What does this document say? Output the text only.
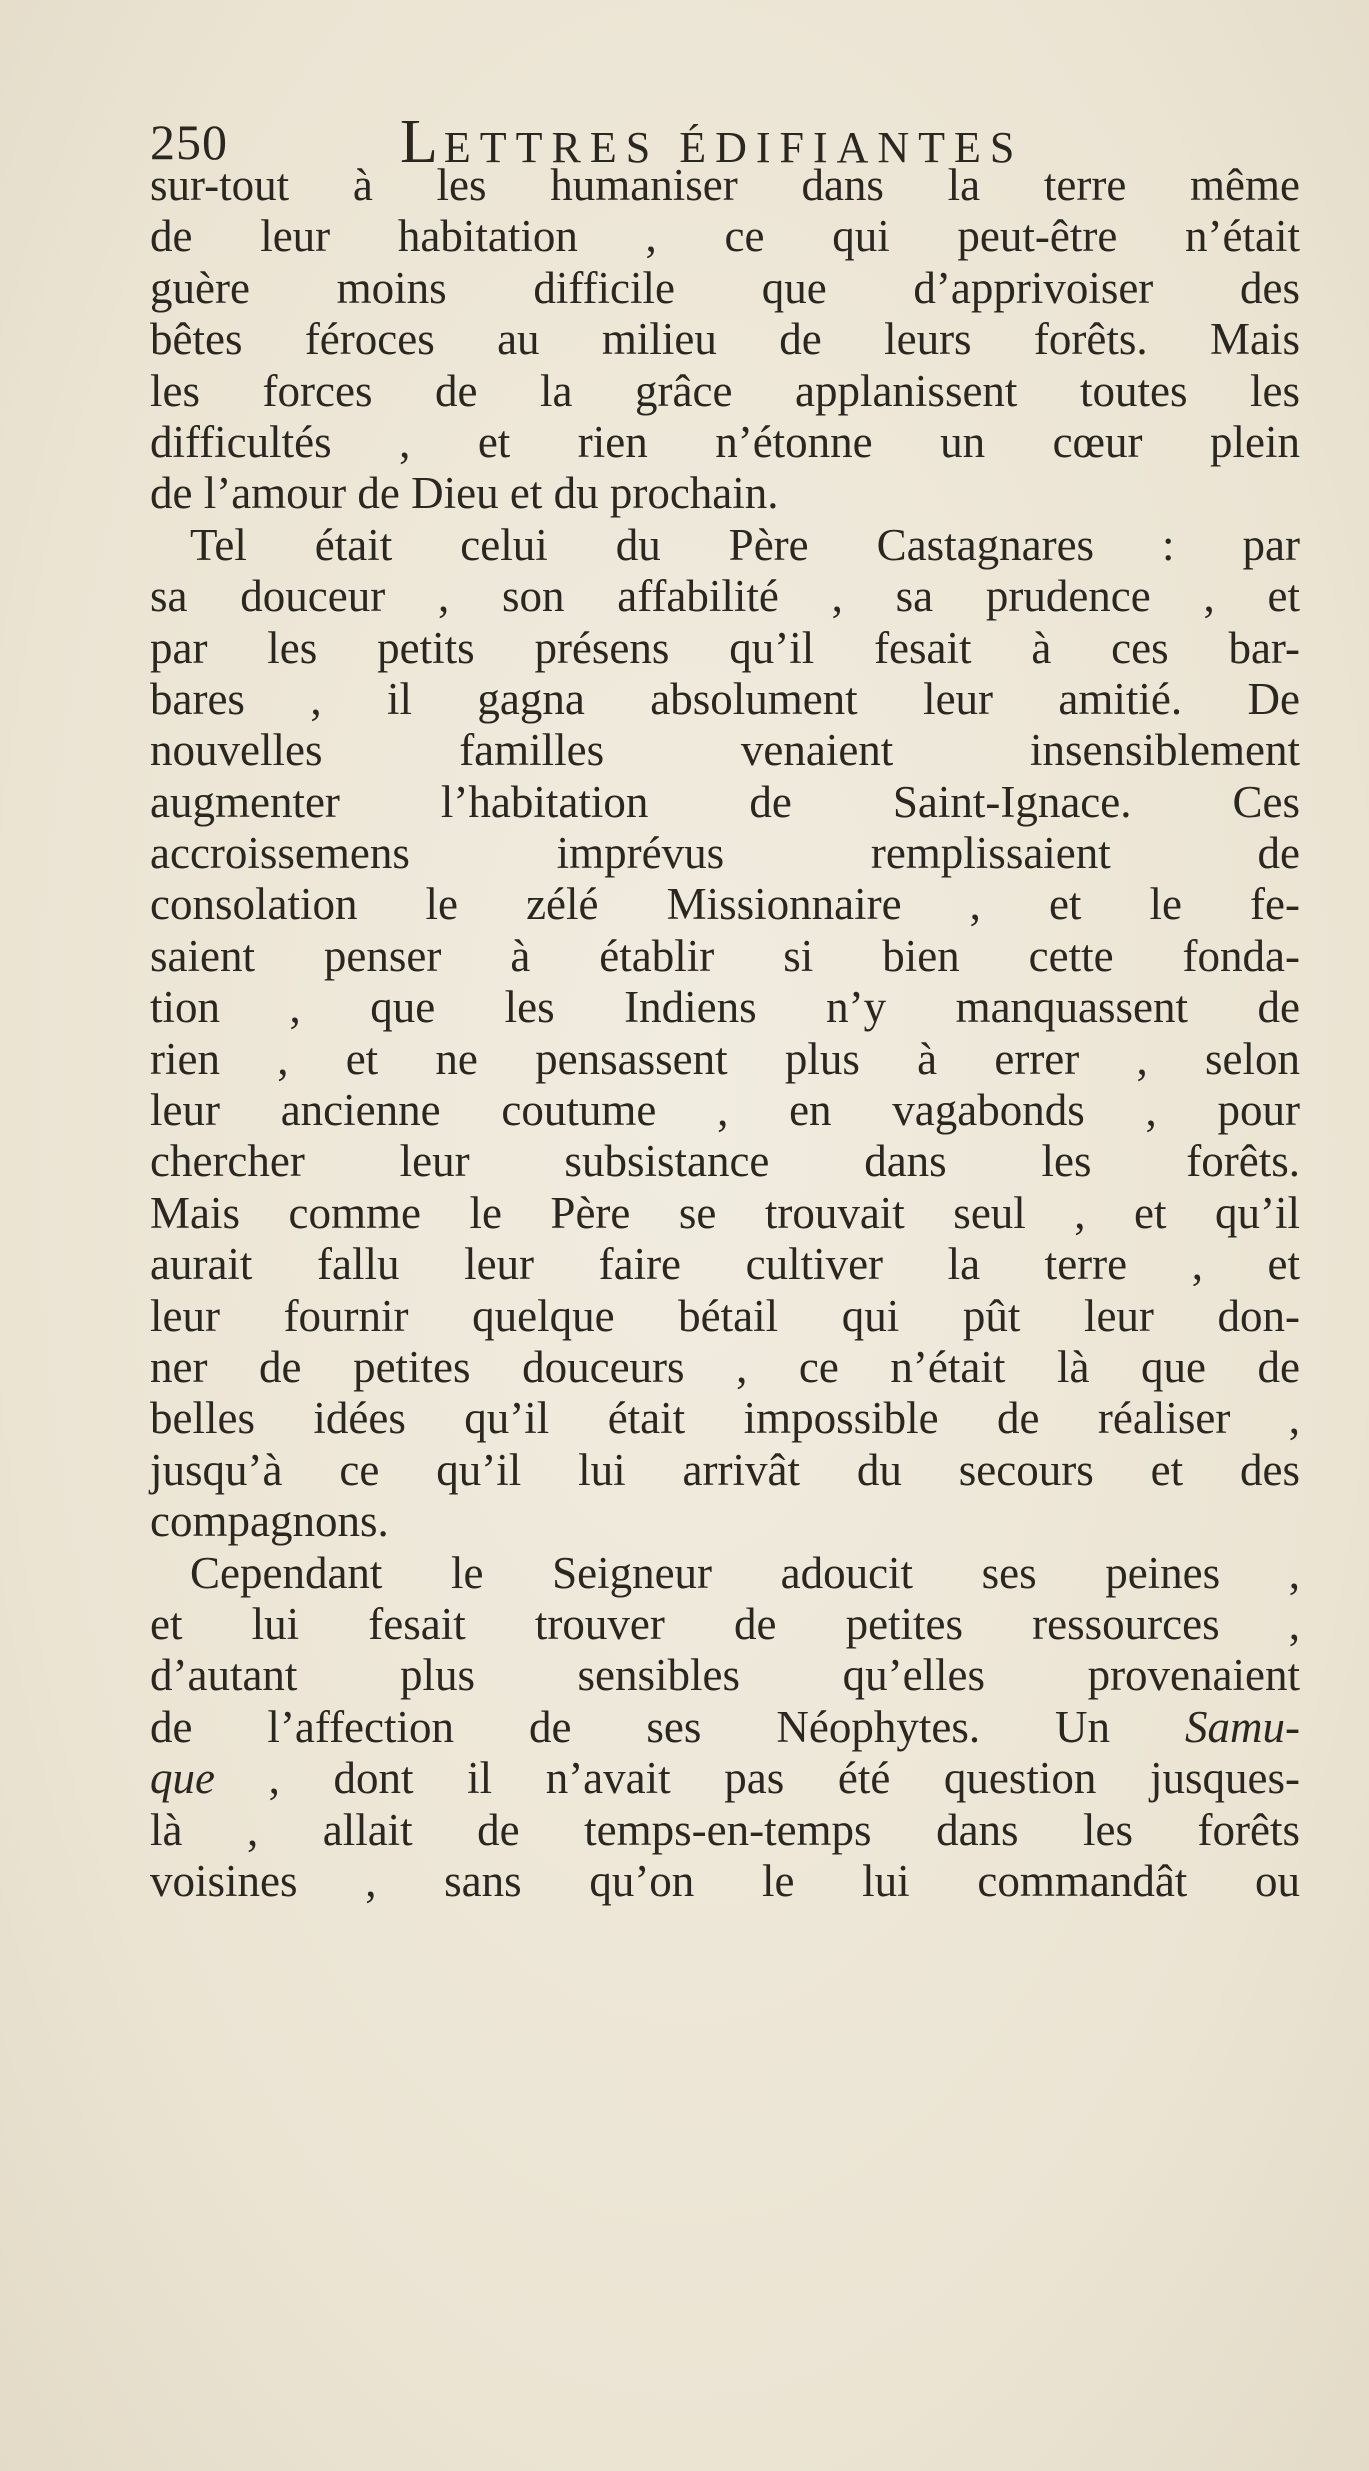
250	LETTRES ÉDIFIANTES
sur-tout à les humaniser dans la terre même
de leur habitation , ce qui peut-être n’était
guère moins difficile que d’apprivoiser des
bêtes féroces au milieu de leurs forêts. Mais
les forces de la grâce applanissent toutes les
difficultés , et rien n’étonne un cœur plein
de l’amour de Dieu et du prochain.
Tel était celui du Père Castagnares : par
sa douceur , son affabilité , sa prudence , et
par les petits présens qu’il fesait à ces bar-
bares , il gagna absolument leur amitié. De
nouvelles familles venaient insensiblement
augmenter l’habitation de Saint-Ignace. Ces
accroissemens imprévus remplissaient de
consolation le zélé Missionnaire , et le fe-
saient penser à établir si bien cette fonda-
tion , que les Indiens n’y manquassent de
rien , et ne pensassent plus à errer , selon
leur ancienne coutume , en vagabonds , pour
chercher leur subsistance dans les forêts.
Mais comme le Père se trouvait seul , et qu’il
aurait fallu leur faire cultiver la terre , et
leur fournir quelque bétail qui pût leur don-
ner de petites douceurs , ce n’était là que de
belles idées qu’il était impossible de réaliser ,
jusqu’à ce qu’il lui arrivât du secours et des
compagnons.
Cependant le Seigneur adoucit ses peines ,
et lui fesait trouver de petites ressources ,
d’autant plus sensibles qu’elles provenaient
de l’affection de ses Néophytes. Un Samu-
que , dont il n’avait pas été question jusques-
là , allait de temps-en-temps dans les forêts
voisines , sans qu’on le lui commandât ou
